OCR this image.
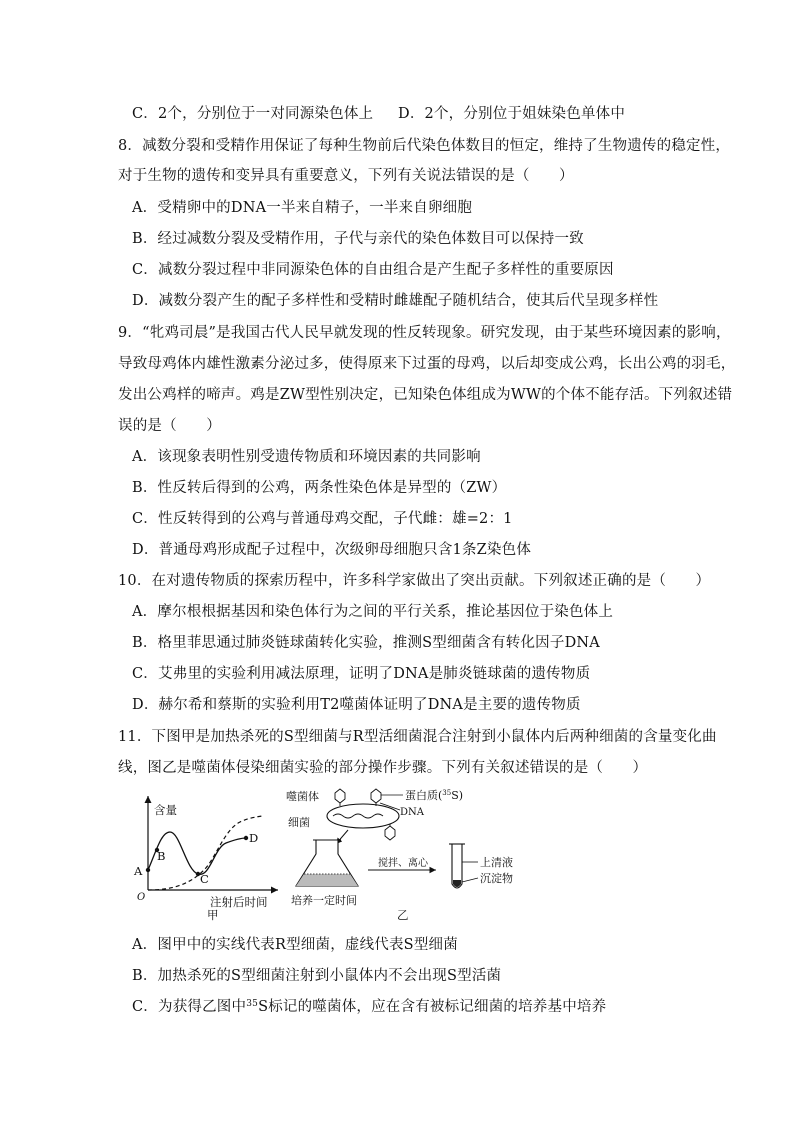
C．2个，分别位于一对同源染色体上 D．2个，分别位于姐妹染色单体中
8．减数分裂和受精作用保证了每种生物前后代染色体数目的恒定，维持了生物遗传的稳定性，
对于生物的遗传和变异具有重要意义，下列有关说法错误的是（　　）
A．受精卵中的DNA一半来自精子，一半来自卵细胞
B．经过减数分裂及受精作用，子代与亲代的染色体数目可以保持一致
C．减数分裂过程中非同源染色体的自由组合是产生配子多样性的重要原因
D．减数分裂产生的配子多样性和受精时雌雄配子随机结合，使其后代呈现多样性
9．“牝鸡司晨”是我国古代人民早就发现的性反转现象。研究发现，由于某些环境因素的影响，
导致母鸡体内雄性激素分泌过多，使得原来下过蛋的母鸡，以后却变成公鸡，长出公鸡的羽毛，
发出公鸡样的啼声。鸡是ZW型性别决定，已知染色体组成为WW的个体不能存活。下列叙述错
误的是（　　）
A．该现象表明性别受遗传物质和环境因素的共同影响
B．性反转后得到的公鸡，两条性染色体是异型的（ZW）
C．性反转得到的公鸡与普通母鸡交配，子代雌：雄=2：1
D．普通母鸡形成配子过程中，次级卵母细胞只含1条Z染色体
10．在对遗传物质的探索历程中，许多科学家做出了突出贡献。下列叙述正确的是（　　）
A．摩尔根根据基因和染色体行为之间的平行关系，推论基因位于染色体上
B．格里菲思通过肺炎链球菌转化实验，推测S型细菌含有转化因子DNA
C．艾弗里的实验利用减法原理，证明了DNA是肺炎链球菌的遗传物质
D．赫尔希和蔡斯的实验利用T2噬菌体证明了DNA是主要的遗传物质
11．下图甲是加热杀死的S型细菌与R型活细菌混合注射到小鼠体内后两种细菌的含量变化曲
线，图乙是噬菌体侵染细菌实验的部分操作步骤。下列有关叙述错误的是（　　）
含量
O
A
B
C
D
注射后时间
甲
噬菌体
细菌
蛋白质($^{35}$S)
DNA
培养一定时间
搅拌、离心	上清液
沉淀物
乙
A．图甲中的实线代表R型细菌，虚线代表S型细菌
B．加热杀死的S型细菌注射到小鼠体内不会出现S型活菌
C．为获得乙图中$^{35}$S标记的噬菌体，应在含有被标记细菌的培养基中培养
